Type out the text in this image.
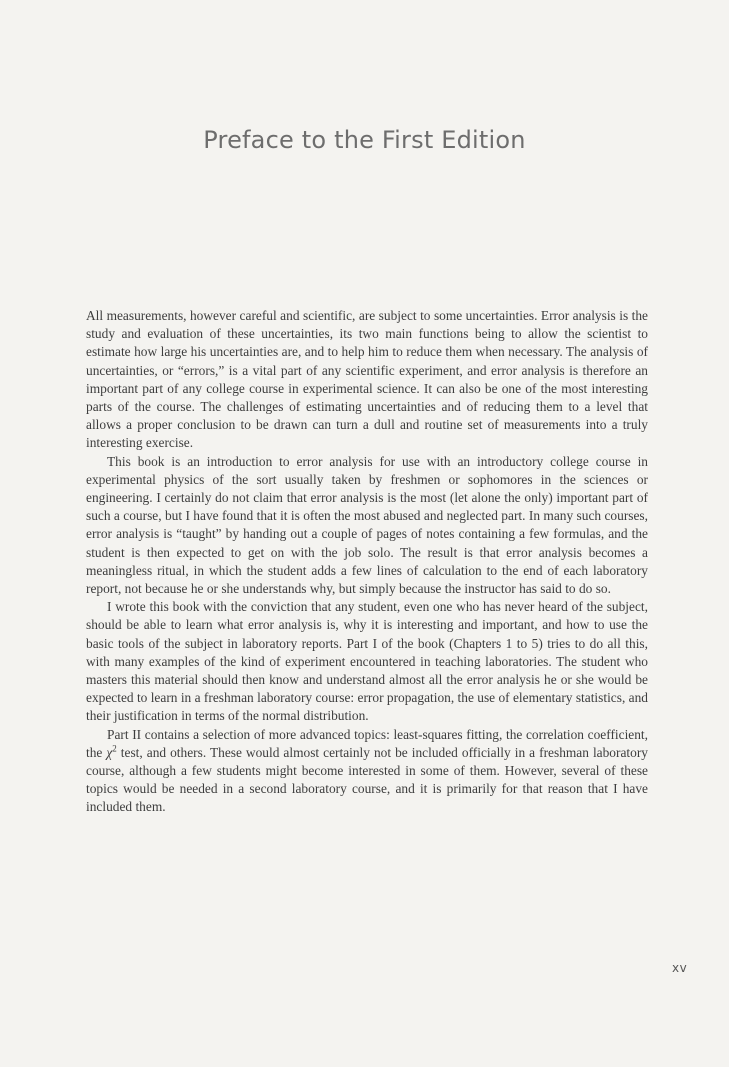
Preface to the First Edition

All measurements, however careful and scientific, are subject to some uncertainties. Error analysis is the study and evaluation of these uncertainties, its two main functions being to allow the scientist to estimate how large his uncertainties are, and to help him to reduce them when necessary. The analysis of uncertainties, or “errors,” is a vital part of any scientific experiment, and error analysis is therefore an important part of any college course in experimental science. It can also be one of the most interesting parts of the course. The challenges of estimating uncertainties and of reducing them to a level that allows a proper conclusion to be drawn can turn a dull and routine set of measurements into a truly interesting exercise.

This book is an introduction to error analysis for use with an introductory college course in experimental physics of the sort usually taken by freshmen or sophomores in the sciences or engineering. I certainly do not claim that error analysis is the most (let alone the only) important part of such a course, but I have found that it is often the most abused and neglected part. In many such courses, error analysis is “taught” by handing out a couple of pages of notes containing a few formulas, and the student is then expected to get on with the job solo. The result is that error analysis becomes a meaningless ritual, in which the student adds a few lines of calculation to the end of each laboratory report, not because he or she understands why, but simply because the instructor has said to do so.

I wrote this book with the conviction that any student, even one who has never heard of the subject, should be able to learn what error analysis is, why it is interesting and important, and how to use the basic tools of the subject in laboratory reports. Part I of the book (Chapters 1 to 5) tries to do all this, with many examples of the kind of experiment encountered in teaching laboratories. The student who masters this material should then know and understand almost all the error analysis he or she would be expected to learn in a freshman laboratory course: error propagation, the use of elementary statistics, and their justification in terms of the normal distribution.

Part II contains a selection of more advanced topics: least-squares fitting, the correlation coefficient, the $\chi^2$ test, and others. These would almost certainly not be included officially in a freshman laboratory course, although a few students might become interested in some of them. However, several of these topics would be needed in a second laboratory course, and it is primarily for that reason that I have included them.

xv
